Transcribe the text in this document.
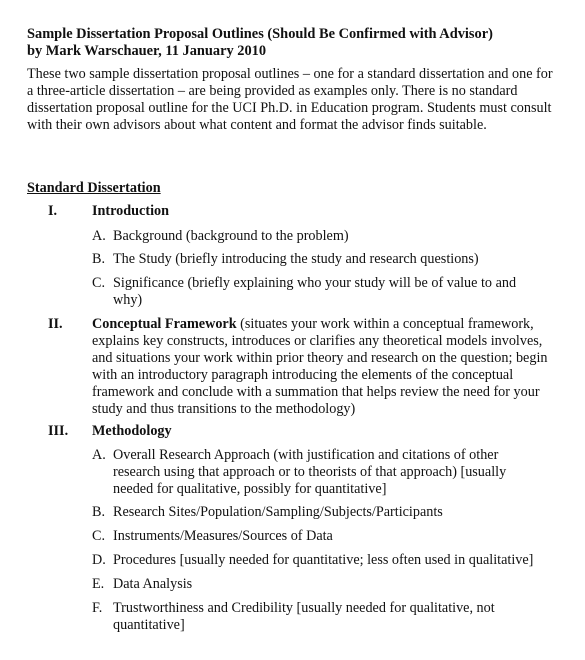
Sample Dissertation Proposal Outlines (Should Be Confirmed with Advisor)
by Mark Warschauer, 11 January 2010
These two sample dissertation proposal outlines – one for a standard dissertation and one for a three-article dissertation – are being provided as examples only. There is no standard dissertation proposal outline for the UCI Ph.D. in Education program. Students must consult with their own advisors about what content and format the advisor finds suitable.
Standard Dissertation
I.	Introduction
A. Background (background to the problem)
B. The Study (briefly introducing the study and research questions)
C. Significance (briefly explaining who your study will be of value to and why)
II.	Conceptual Framework (situates your work within a conceptual framework, explains key constructs, introduces or clarifies any theoretical models involves, and situations your work within prior theory and research on the question; begin with an introductory paragraph introducing the elements of the conceptual framework and conclude with a summation that helps review the need for your study and thus transitions to the methodology)
III.	Methodology
A. Overall Research Approach (with justification and citations of other research using that approach or to theorists of that approach) [usually needed for qualitative, possibly for quantitative]
B. Research Sites/Population/Sampling/Subjects/Participants
C. Instruments/Measures/Sources of Data
D. Procedures [usually needed for quantitative; less often used in qualitative]
E. Data Analysis
F. Trustworthiness and Credibility [usually needed for qualitative, not quantitative]
